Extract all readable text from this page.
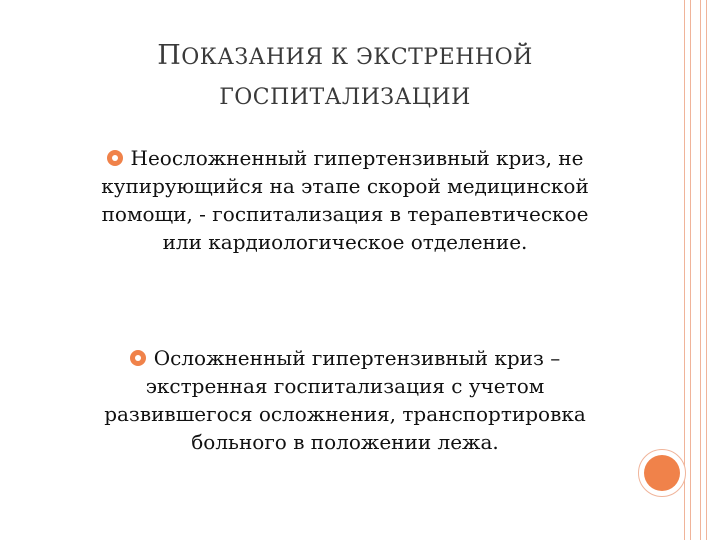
ПОКАЗАНИЯ К ЭКСТРЕННОЙ
ГОСПИТАЛИЗАЦИИ
Неосложненный гипертензивный криз, не
купирующийся на этапе скорой медицинской
помощи, - госпитализация в терапевтическое
или кардиологическое отделение.
Осложненный гипертензивный криз –
экстренная госпитализация с учетом
развившегося осложнения, транспортировка
больного в положении лежа.
